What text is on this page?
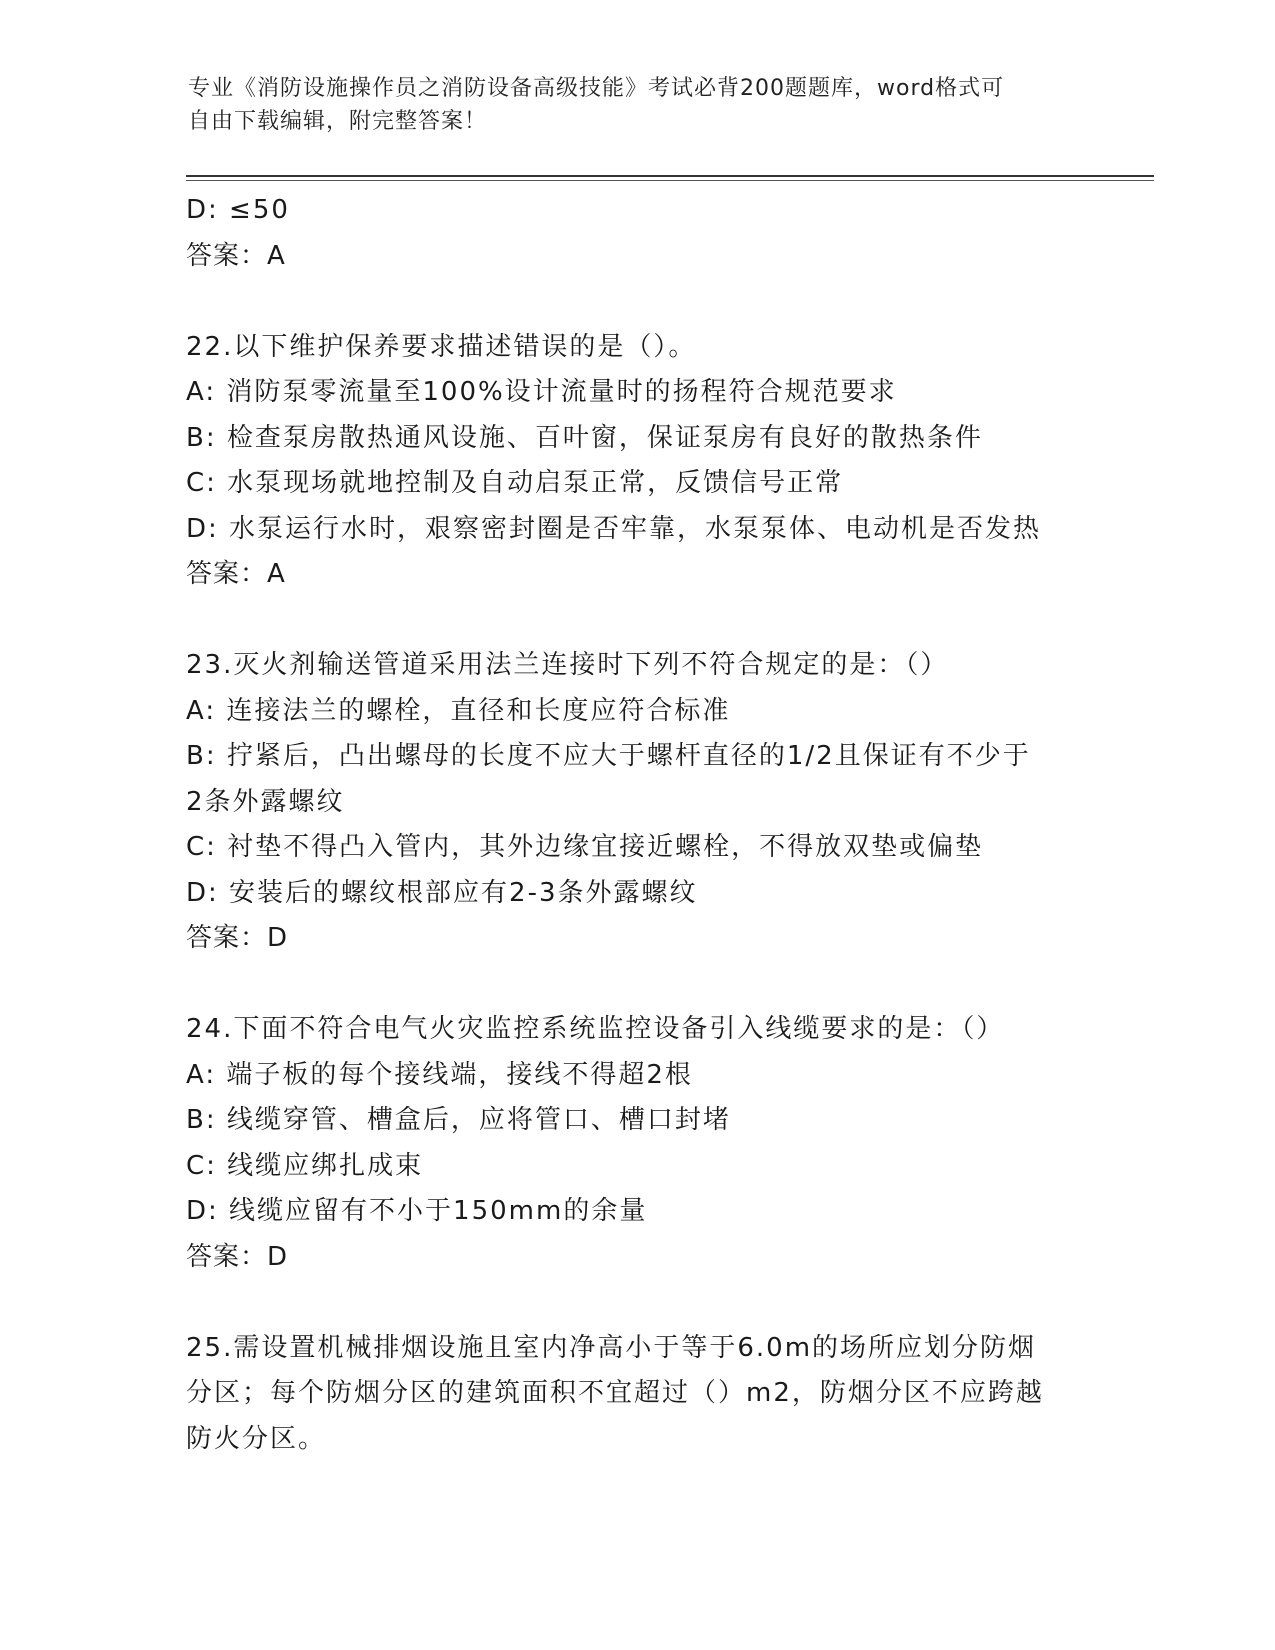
专业《消防设施操作员之消防设备高级技能》考试必背200题题库，word格式可
自由下载编辑，附完整答案！
D: ≤50
答案：A
22.以下维护保养要求描述错误的是（）。
A: 消防泵零流量至100%设计流量时的扬程符合规范要求
B: 检查泵房散热通风设施、百叶窗，保证泵房有良好的散热条件
C: 水泵现场就地控制及自动启泵正常，反馈信号正常
D: 水泵运行水时，艰察密封圈是否牢靠，水泵泵体、电动机是否发热
答案：A
23.灭火剂输送管道采用法兰连接时下列不符合规定的是：（）
A: 连接法兰的螺栓，直径和长度应符合标准
B: 拧紧后，凸出螺母的长度不应大于螺杆直径的1/2且保证有不少于
2条外露螺纹
C: 衬垫不得凸入管内，其外边缘宜接近螺栓，不得放双垫或偏垫
D: 安装后的螺纹根部应有2-3条外露螺纹
答案：D
24.下面不符合电气火灾监控系统监控设备引入线缆要求的是：（）
A: 端子板的每个接线端，接线不得超2根
B: 线缆穿管、槽盒后，应将管口、槽口封堵
C: 线缆应绑扎成束
D: 线缆应留有不小于150mm的余量
答案：D
25.需设置机械排烟设施且室内净高小于等于6.0m的场所应划分防烟
分区；每个防烟分区的建筑面积不宜超过（）m2，防烟分区不应跨越
防火分区。
